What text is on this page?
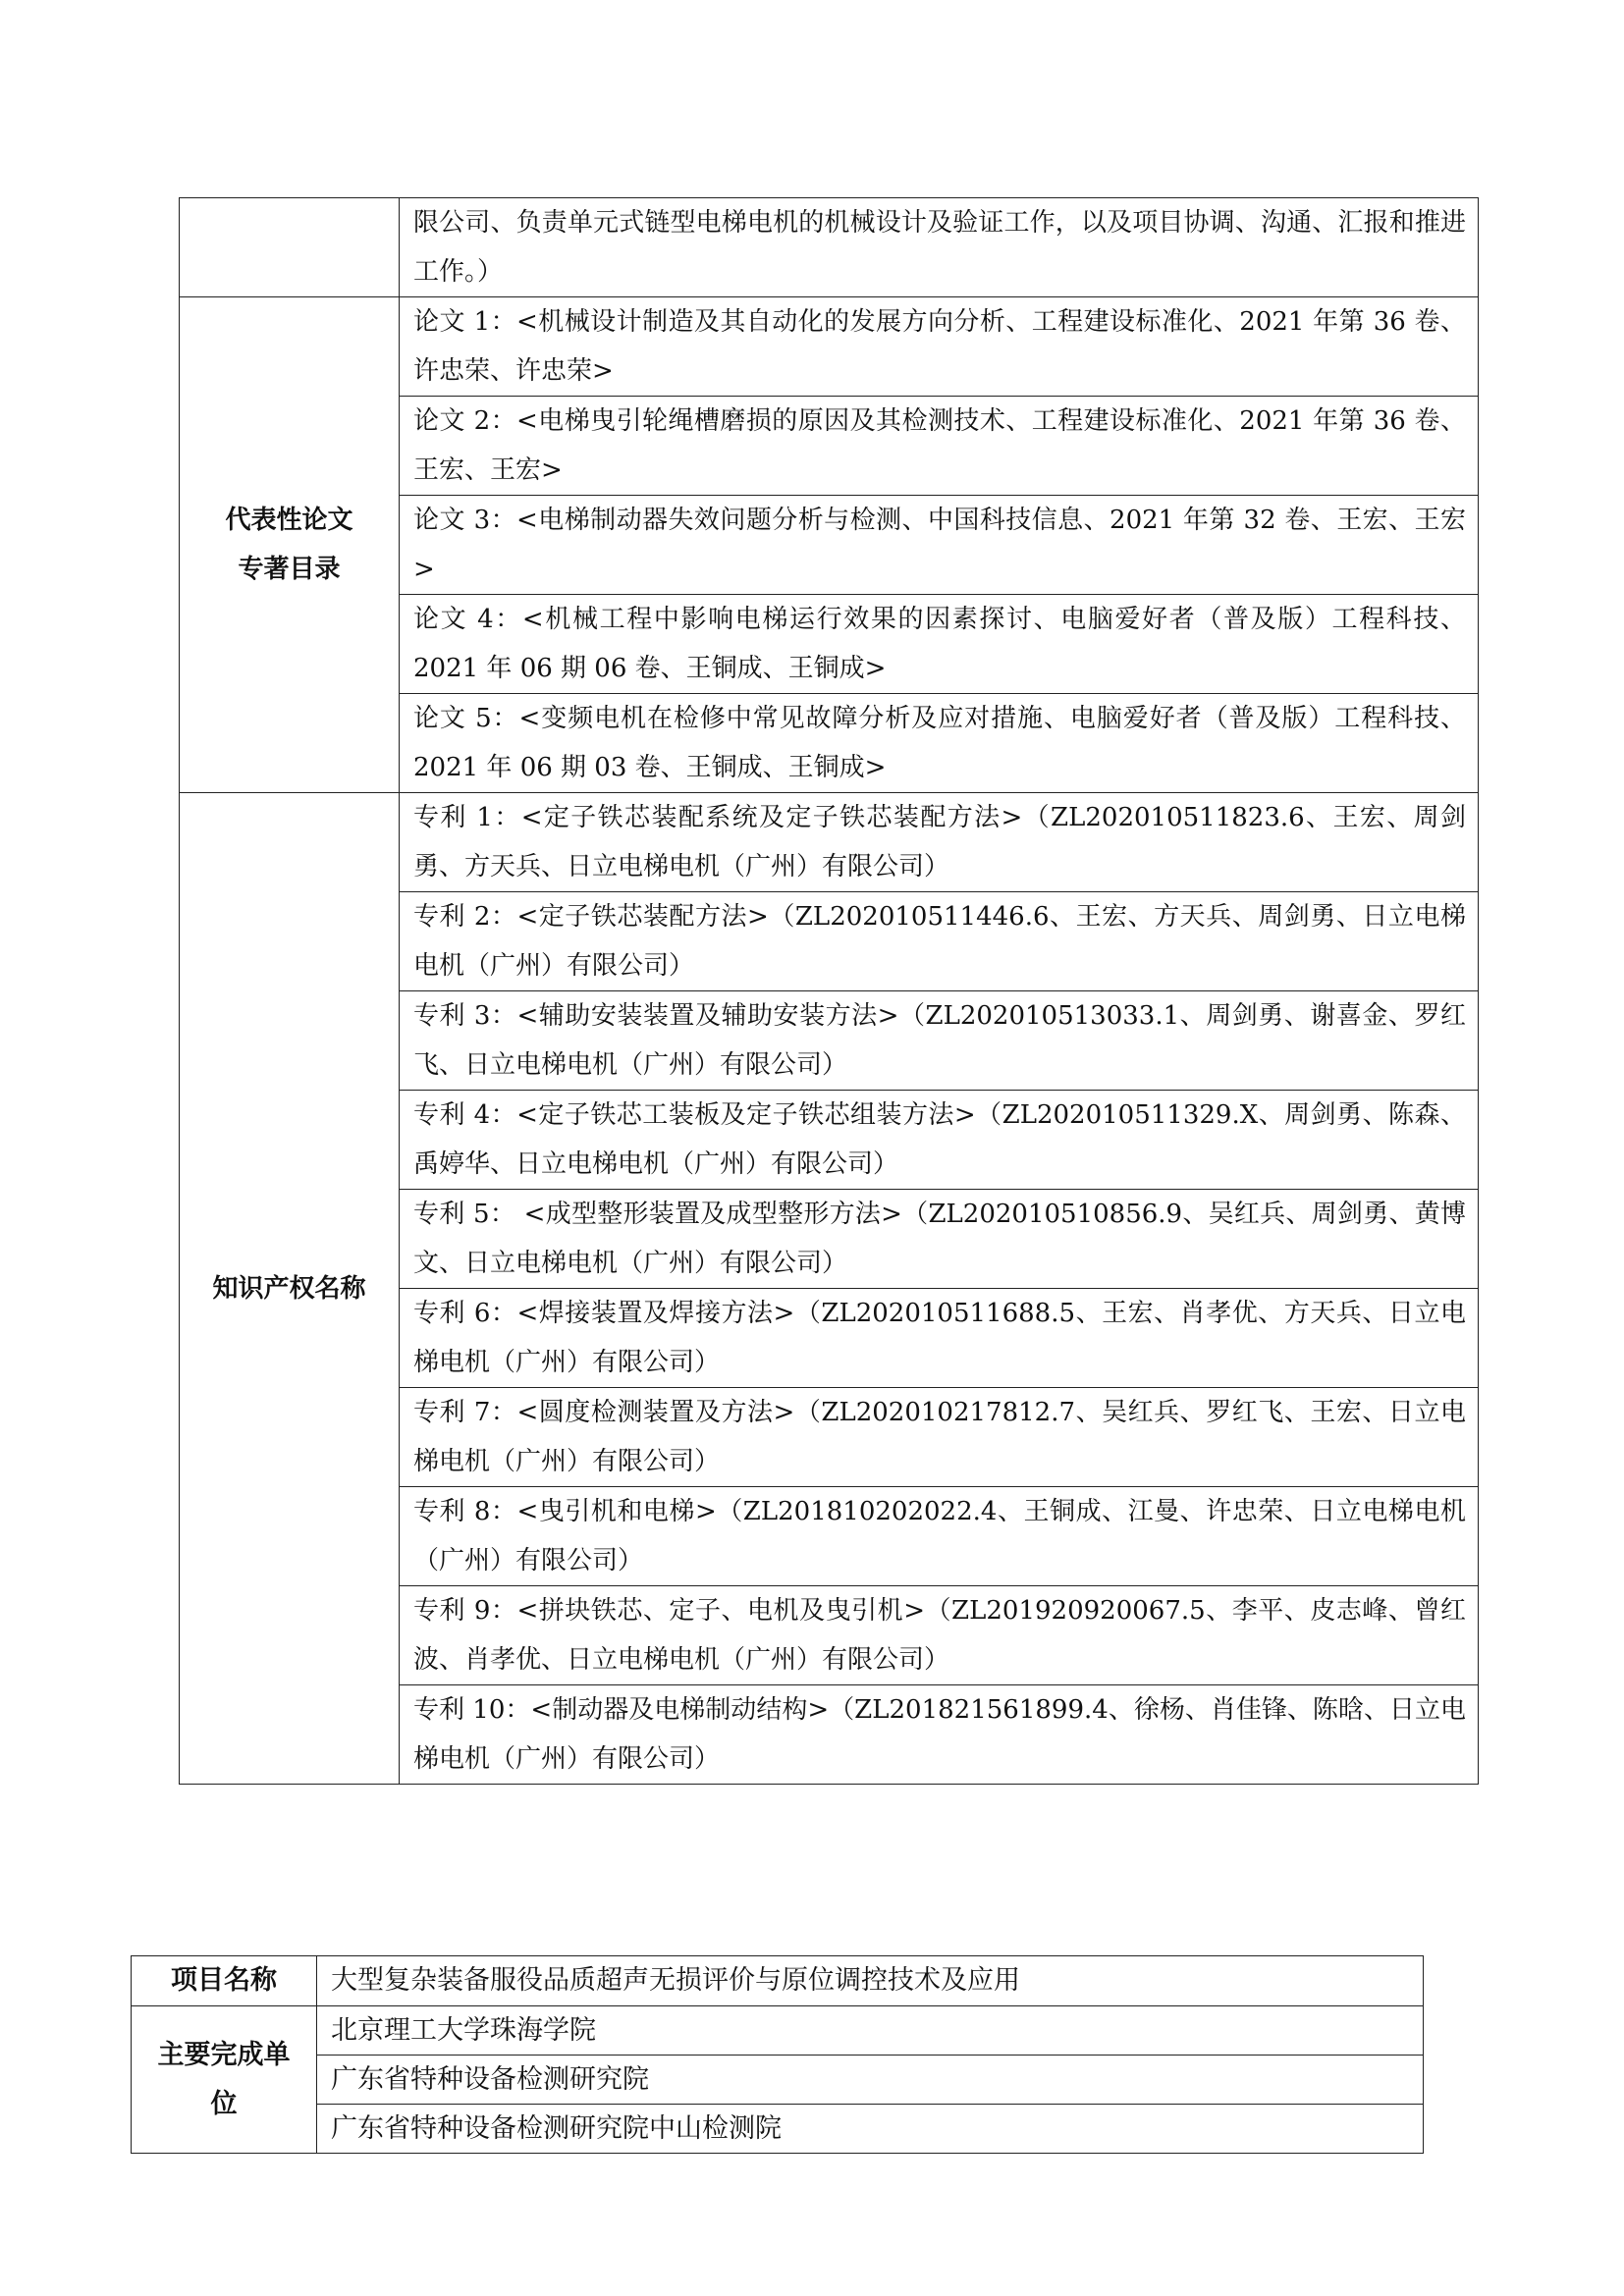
	限公司、负责单元式链型电梯电机的机械设计及验证工作，以及项目协调、沟通、汇报和推进工作。）
代表性论文
专著目录	论文 1：<机械设计制造及其自动化的发展方向分析、工程建设标准化、2021 年第 36 卷、许忠荣、许忠荣>
	论文 2：<电梯曳引轮绳槽磨损的原因及其检测技术、工程建设标准化、2021 年第 36 卷、王宏、王宏>
	论文 3：<电梯制动器失效问题分析与检测、中国科技信息、2021 年第 32 卷、王宏、王宏>
	论文 4：<机械工程中影响电梯运行效果的因素探讨、电脑爱好者（普及版）工程科技、2021 年 06 期 06 卷、王铜成、王铜成>
	论文 5：<变频电机在检修中常见故障分析及应对措施、电脑爱好者（普及版）工程科技、2021 年 06 期 03 卷、王铜成、王铜成>
知识产权名称	专利 1：<定子铁芯装配系统及定子铁芯装配方法>（ZL202010511823.6、王宏、周剑勇、方天兵、日立电梯电机（广州）有限公司）
	专利 2：<定子铁芯装配方法>（ZL202010511446.6、王宏、方天兵、周剑勇、日立电梯电机（广州）有限公司）
	专利 3：<辅助安装装置及辅助安装方法>（ZL202010513033.1、周剑勇、谢喜金、罗红飞、日立电梯电机（广州）有限公司）
	专利 4：<定子铁芯工装板及定子铁芯组装方法>（ZL202010511329.X、周剑勇、陈森、禹婷华、日立电梯电机（广州）有限公司）
	专利 5： <成型整形装置及成型整形方法>（ZL202010510856.9、吴红兵、周剑勇、黄博文、日立电梯电机（广州）有限公司）
	专利 6：<焊接装置及焊接方法>（ZL202010511688.5、王宏、肖孝优、方天兵、日立电梯电机（广州）有限公司）
	专利 7：<圆度检测装置及方法>（ZL202010217812.7、吴红兵、罗红飞、王宏、日立电梯电机（广州）有限公司）
	专利 8：<曳引机和电梯>（ZL201810202022.4、王铜成、江曼、许忠荣、日立电梯电机（广州）有限公司）
	专利 9：<拼块铁芯、定子、电机及曳引机>（ZL201920920067.5、李平、皮志峰、曾红波、肖孝优、日立电梯电机（广州）有限公司）
	专利 10：<制动器及电梯制动结构>（ZL201821561899.4、徐杨、肖佳锋、陈晗、日立电梯电机（广州）有限公司）
项目名称	大型复杂装备服役品质超声无损评价与原位调控技术及应用
主要完成单
位	北京理工大学珠海学院
	广东省特种设备检测研究院
	广东省特种设备检测研究院中山检测院
